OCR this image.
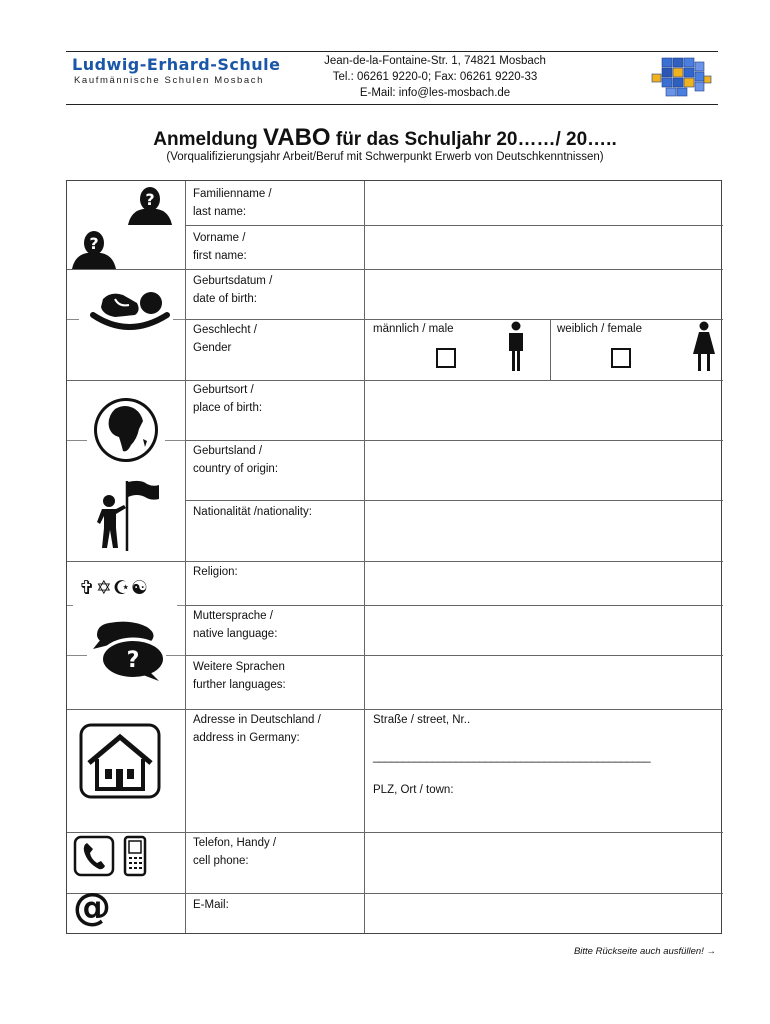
Ludwig-Erhard-Schule
Kaufmännische Schulen Mosbach
Jean-de-la-Fontaine-Str. 1, 74821 Mosbach
Tel.: 06261 9220-0; Fax: 06261 9220-33
E-Mail: info@les-mosbach.de
Anmeldung VABO für das Schuljahr 20……/ 20…..
(Vorqualifizierungsjahr Arbeit/Beruf mit Schwerpunkt Erwerb von Deutschkenntnissen)
Familienname /
last name:
Vorname /
first name:
Geburtsdatum /
date of birth:
Geschlecht /
Gender
Geburtsort /
place of birth:
Geburtsland /
country of origin:
Nationalität /nationality:
Religion:
Muttersprache /
native language:
Weitere Sprachen
further languages:
Adresse in Deutschland /
address in Germany:
Telefon, Handy /
cell phone:
E-Mail:
männlich / male	weiblich / female
Straße / street, Nr..
_______________________________________________
PLZ, Ort / town:
?
?
✞✡☪☯
?
@
Bitte Rückseite auch ausfüllen! →
